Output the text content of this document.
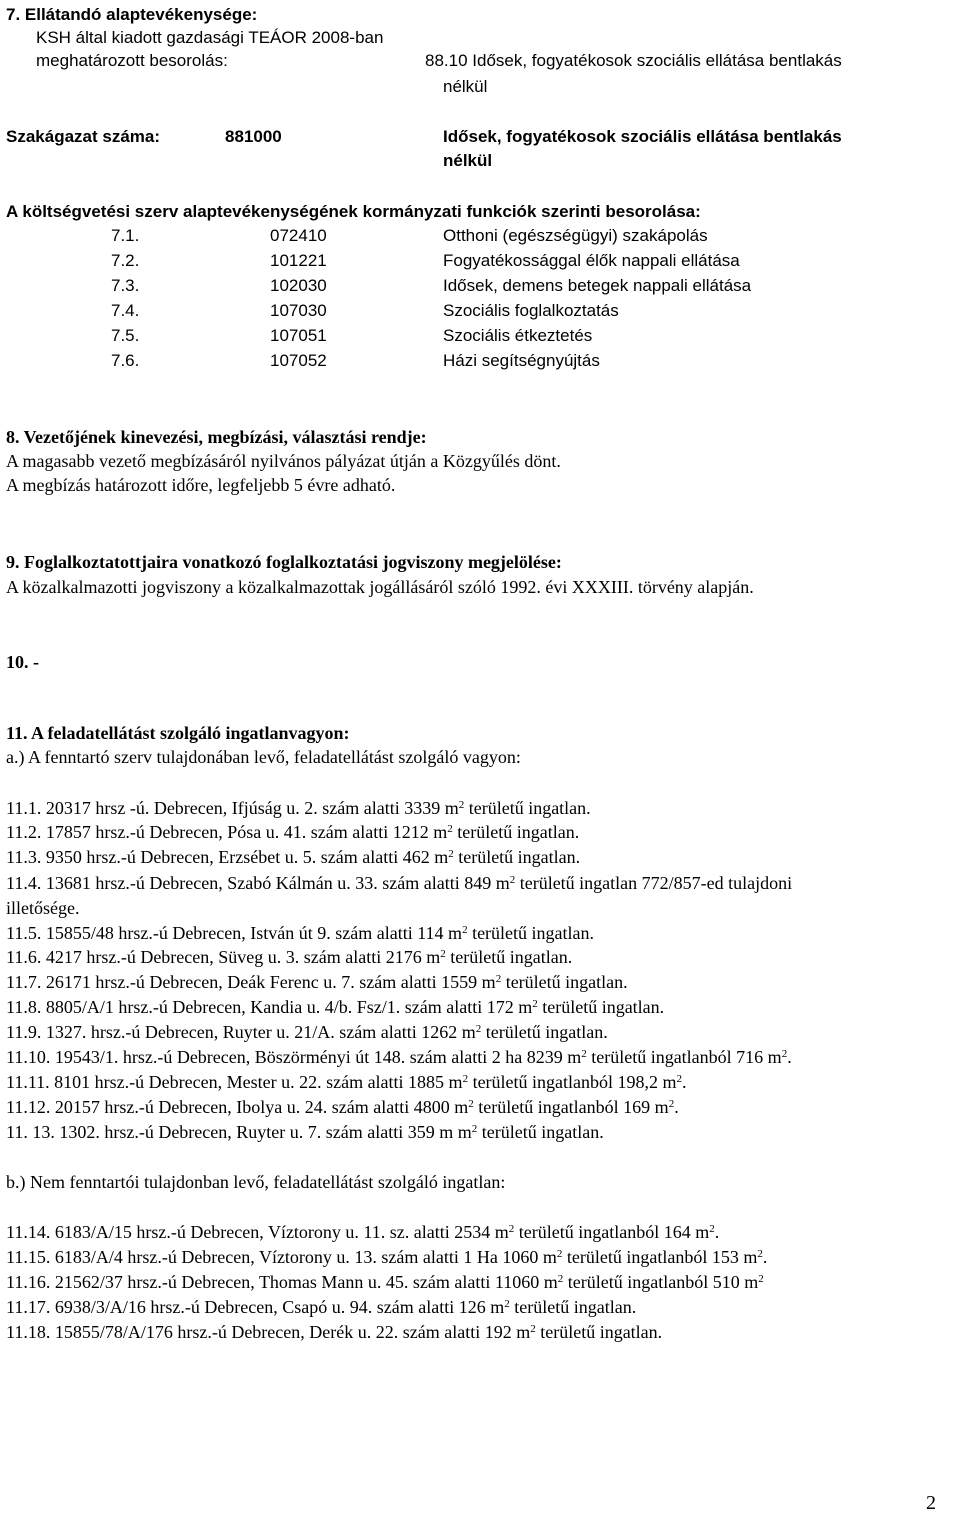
7. Ellátandó alaptevékenysége:
KSH által kiadott gazdasági TEÁOR 2008-ban
meghatározott besorolás:	88.10 Idősek, fogyatékosok szociális ellátása bentlakás
nélkül
Szakágazat száma:	881000	Idősek, fogyatékosok szociális ellátása bentlakás
nélkül
A költségvetési szerv alaptevékenységének kormányzati funkciók szerinti besorolása:
7.1.	072410	Otthoni (egészségügyi) szakápolás
7.2.	101221	Fogyatékossággal élők nappali ellátása
7.3.	102030	Idősek, demens betegek nappali ellátása
7.4.	107030	Szociális foglalkoztatás
7.5.	107051	Szociális étkeztetés
7.6.	107052	Házi segítségnyújtás
8. Vezetőjének kinevezési, megbízási, választási rendje:
A magasabb vezető megbízásáról nyilvános pályázat útján a Közgyűlés dönt.
A megbízás határozott időre, legfeljebb 5 évre adható.
9. Foglalkoztatottjaira vonatkozó foglalkoztatási jogviszony megjelölése:
A közalkalmazotti jogviszony a közalkalmazottak jogállásáról szóló 1992. évi XXXIII. törvény alapján.
10. -
11. A feladatellátást szolgáló ingatlanvagyon:
a.) A fenntartó szerv tulajdonában levő, feladatellátást szolgáló vagyon:
11.1. 20317 hrsz -ú. Debrecen, Ifjúság u. 2. szám alatti 3339 $m^2$ területű ingatlan.
11.2. 17857 hrsz.-ú Debrecen, Pósa u. 41. szám alatti 1212 $m^2$ területű ingatlan.
11.3. 9350 hrsz.-ú Debrecen, Erzsébet u. 5. szám alatti 462 $m^2$ területű ingatlan.
11.4. 13681 hrsz.-ú Debrecen, Szabó Kálmán u. 33. szám alatti 849 $m^2$ területű ingatlan 772/857-ed tulajdoni
illetősége.
11.5. 15855/48 hrsz.-ú Debrecen, István út 9. szám alatti 114 $m^2$ területű ingatlan.
11.6. 4217 hrsz.-ú Debrecen, Süveg u. 3. szám alatti 2176 $m^2$ területű ingatlan.
11.7. 26171 hrsz.-ú Debrecen, Deák Ferenc u. 7. szám alatti 1559 $m^2$ területű ingatlan.
11.8. 8805/A/1 hrsz.-ú Debrecen, Kandia u. 4/b. Fsz/1. szám alatti 172 $m^2$ területű ingatlan.
11.9. 1327. hrsz.-ú Debrecen, Ruyter u. 21/A. szám alatti 1262 $m^2$ területű ingatlan.
11.10. 19543/1. hrsz.-ú Debrecen, Böszörményi út 148. szám alatti 2 ha 8239 $m^2$ területű ingatlanból 716 $m^2$.
11.11. 8101 hrsz.-ú Debrecen, Mester u. 22. szám alatti 1885 $m^2$ területű ingatlanból 198,2 $m^2$.
11.12. 20157 hrsz.-ú Debrecen, Ibolya u. 24. szám alatti 4800 $m^2$ területű ingatlanból 169 $m^2$.
11. 13. 1302. hrsz.-ú Debrecen, Ruyter u. 7. szám alatti 359 m $m^2$ területű ingatlan.
b.) Nem fenntartói tulajdonban levő, feladatellátást szolgáló ingatlan:
11.14. 6183/A/15 hrsz.-ú Debrecen, Víztorony u. 11. sz. alatti 2534 $m^2$ területű ingatlanból 164 $m^2$.
11.15. 6183/A/4 hrsz.-ú Debrecen, Víztorony u. 13. szám alatti 1 Ha 1060 $m^2$ területű ingatlanból 153 $m^2$.
11.16. 21562/37 hrsz.-ú Debrecen, Thomas Mann u. 45. szám alatti 11060 $m^2$ területű ingatlanból 510 $m^2$
11.17. 6938/3/A/16 hrsz.-ú Debrecen, Csapó u. 94. szám alatti 126 $m^2$ területű ingatlan.
11.18. 15855/78/A/176 hrsz.-ú Debrecen, Derék u. 22. szám alatti 192 $m^2$ területű ingatlan.
2
